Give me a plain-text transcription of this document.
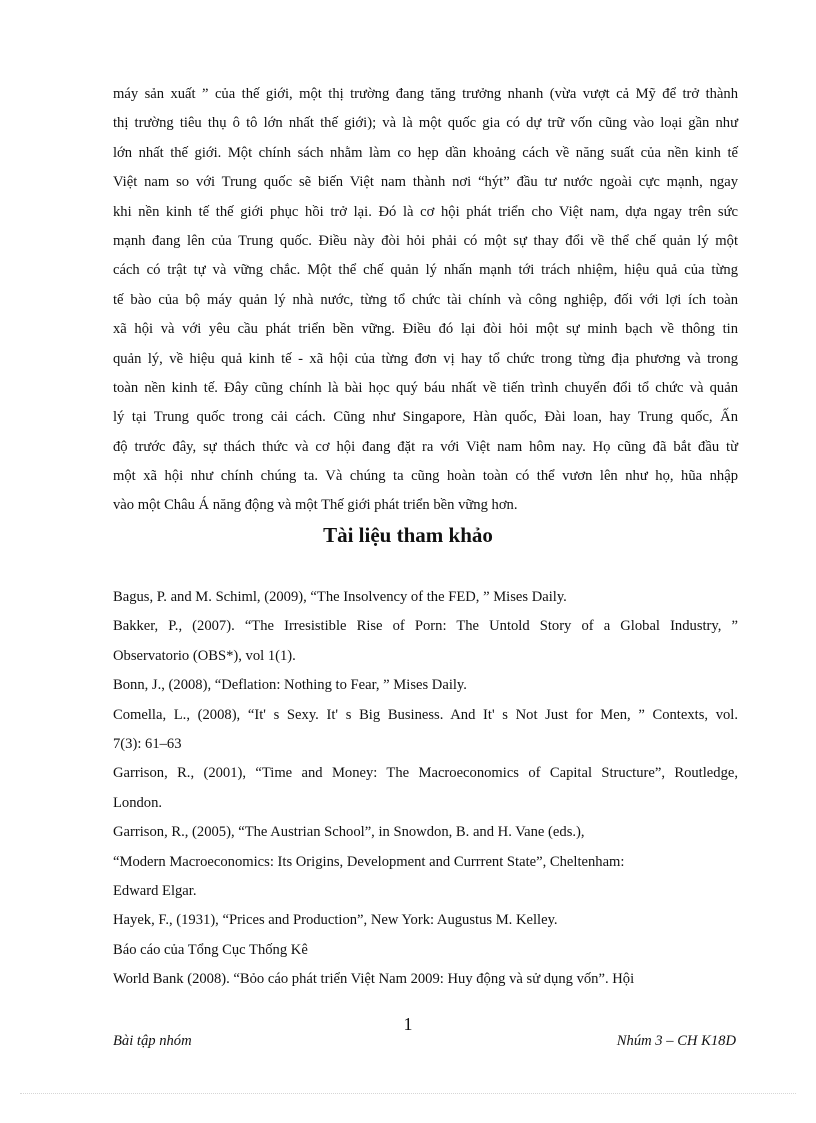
máy sản xuất ” của thế giới, một thị trường đang tăng trưởng nhanh (vừa vượt cả Mỹ để trở thành
thị trường tiêu thụ ô tô lớn nhất thế giới); và là một quốc gia có dự trữ vốn cũng vào loại gần như
lớn nhất thế giới. Một chính sách nhằm làm co hẹp dần khoảng cách về năng suất của nền kinh tế
Việt nam so với Trung quốc sẽ biến Việt nam thành nơi “hýt” đầu tư nước ngoài cực mạnh, ngay
khi nền kinh tế thế giới phục hồi trở lại. Đó là cơ hội phát triển cho Việt nam, dựa ngay trên sức
mạnh đang lên của Trung quốc. Điều này đòi hỏi phải có một sự thay đổi về thể chế quản lý một
cách có trật tự và vững chắc. Một thể chế quản lý nhấn mạnh tới trách nhiệm, hiệu quả của từng
tế bào của bộ máy quản lý nhà nước, từng tổ chức tài chính và công nghiệp, đối với lợi ích toàn
xã hội và với yêu cầu phát triển bền vững. Điều đó lại đòi hỏi một sự minh bạch về thông tin
quản lý, về hiệu quả kinh tế - xã hội của từng đơn vị hay tổ chức trong từng địa phương và trong
toàn nền kinh tế. Đây cũng chính là bài học quý báu nhất về tiến trình chuyển đổi tổ chức và quản
lý tại Trung quốc trong cải cách. Cũng như Singapore, Hàn quốc, Đài loan, hay Trung quốc, Ấn
độ trước đây, sự thách thức và cơ hội đang đặt ra với Việt nam hôm nay. Họ cũng đã bắt đầu từ
một xã hội như chính chúng ta. Và chúng ta cũng hoàn toàn có thể vươn lên như họ, hũa nhập
vào một Châu Á năng động và một Thế giới phát triển bền vững hơn.
Tài liệu tham khảo
Bagus, P. and M. Schiml, (2009), “The Insolvency of the FED, ” Mises Daily.
Bakker, P., (2007). “The Irresistible Rise of Porn: The Untold Story of a Global Industry, ”
Observatorio (OBS*), vol 1(1).
Bonn, J., (2008), “Deflation: Nothing to Fear, ” Mises Daily.
Comella, L., (2008), “It' s Sexy. It' s Big Business. And It' s Not Just for Men, ” Contexts, vol.
7(3): 61–63
Garrison, R., (2001), “Time and Money: The Macroeconomics of Capital Structure”, Routledge,
London.
Garrison, R., (2005), “The Austrian School”, in Snowdon, B. and H. Vane (eds.),
“Modern Macroeconomics: Its Origins, Development and Currrent State”, Cheltenham:
Edward Elgar.
Hayek, F., (1931), “Prices and Production”, New York: Augustus M. Kelley.
Báo cáo của Tổng Cục Thống Kê
World Bank (2008). “Bỏo cáo phát triển Việt Nam 2009: Huy động và sử dụng vốn”. Hội
1
Bài tập nhóm	Nhúm 3 – CH K18D
